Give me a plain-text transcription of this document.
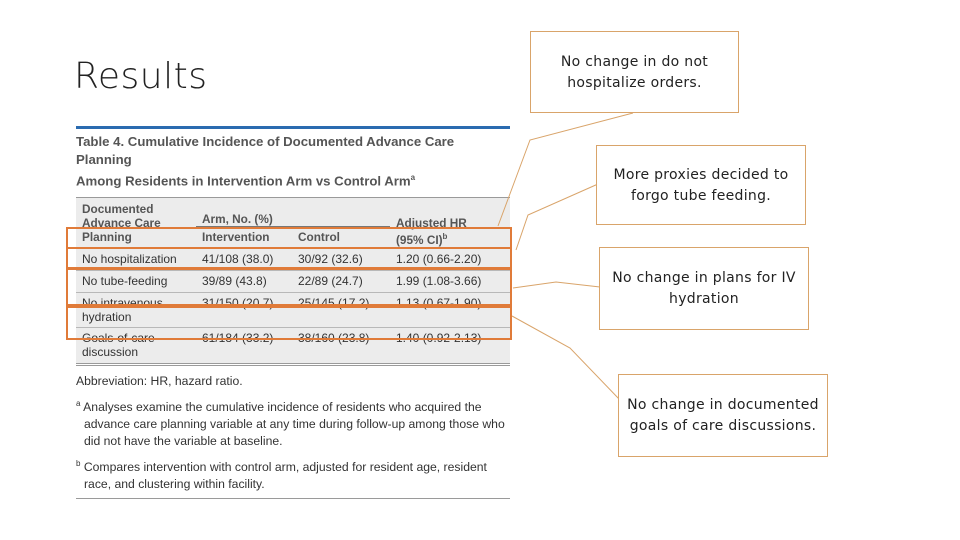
Results
Table 4. Cumulative Incidence of Documented Advance Care Planning
Among Residents in Intervention Arm vs Control Arm$^a$
Documented
Advance Care
Planning	Arm, No. (%)		Adjusted HR
(95% CI)$^b$
	Intervention	Control	
No hospitalization	41/108 (38.0)	30/92 (32.6)	1.20 (0.66-2.20)
No tube-feeding	39/89 (43.8)	22/89 (24.7)	1.99 (1.08-3.66)
No intravenous
hydration	31/150 (20.7)	25/145 (17.2)	1.13 (0.67-1.90)
Goals-of-care
discussion	61/184 (33.2)	38/160 (23.8)	1.40 (0.92-2.13)

Abbreviation: HR, hazard ratio.

$^a$ Analyses examine the cumulative incidence of residents who acquired the advance care planning variable at any time during follow-up among those who did not have the variable at baseline.

$^b$ Compares intervention with control arm, adjusted for resident age, resident race, and clustering within facility.

No change in do not
hospitalize orders.
More proxies decided to
forgo tube feeding.
No change in plans for IV
hydration
No change in documented
goals of care discussions.
